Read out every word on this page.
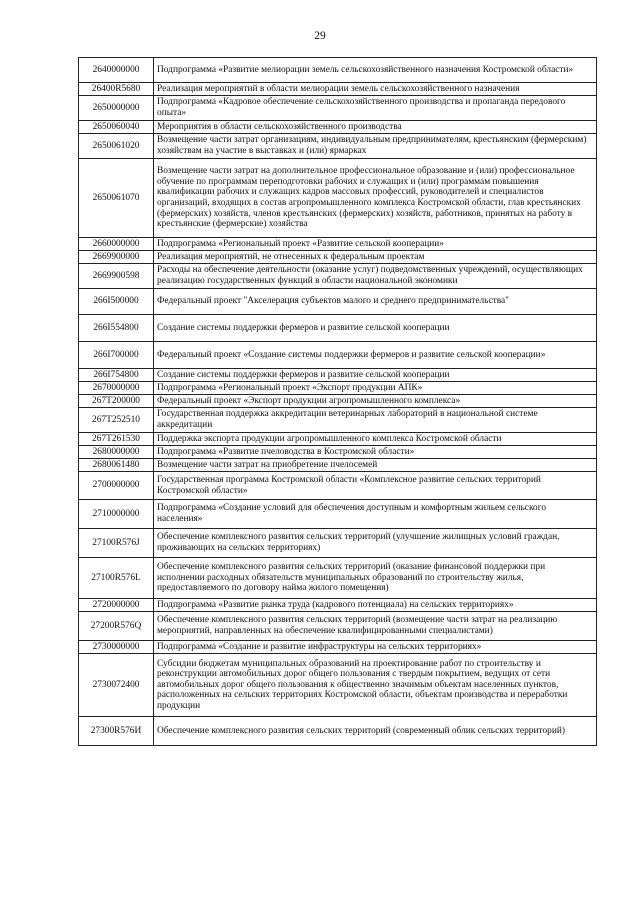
29
2640000000	Подпрограмма «Развитие мелиорации земель сельскохозяйственного назначения Костромской области»
26400R5680	Реализация мероприятий в области мелиорации земель сельскохозяйственного назначения
2650000000	Подпрограмма «Кадровое обеспечение сельскохозяйственного производства и пропаганда передового опыта»
2650060040	Мероприятия в области сельскохозяйственного производства
2650061020	Возмещение части затрат организациям, индивидуальным предпринимателям, крестьянским (фермерским) хозяйствам на участие в выставках и (или) ярмарках
2650061070	Возмещение части затрат на дополнительное профессиональное образование и (или) профессиональное обучение по программам переподготовки рабочих и служащих и (или) программам повышения квалификации рабочих и служащих кадров массовых профессий, руководителей и специалистов организаций, входящих в состав агропромышленного комплекса Костромской области, глав крестьянских (фермерских) хозяйств, членов крестьянских (фермерских) хозяйств, работников, принятых на работу в крестьянские (фермерские) хозяйства
2660000000	Подпрограмма «Региональный проект «Развитие сельской кооперации»
2669900000	Реализация мероприятий, не отнесенных к федеральным проектам
2669900598	Расходы на обеспечение деятельности (оказание услуг) подведомственных учреждений, осуществляющих реализацию государственных функций в области национальной экономики
266I500000	Федеральный проект "Акселерация субъектов малого и среднего предпринимательства"
266I554800	Создание системы поддержки фермеров и развитие сельской кооперации
266I700000	Федеральный проект «Создание системы поддержки фермеров и развитие сельской кооперации»
266I754800	Создание системы поддержки фермеров и развитие сельской кооперации
2670000000	Подпрограмма «Региональный проект «Экспорт продукции АПК»
267T200000	Федеральный проект «Экспорт продукции агропромышленного комплекса»
267T252510	Государственная поддержка аккредитации ветеринарных лабораторий в национальной системе аккредитации
267T261530	Поддержка экспорта продукции агропромышленного комплекса Костромской области
2680000000	Подпрограмма «Развитие пчеловодства в Костромской области»
2680061480	Возмещение части затрат на приобретение пчелосемей
2700000000	Государственная программа Костромской области «Комплексное развитие сельских территорий Костромской области»
2710000000	Подпрограмма «Создание условий для обеспечения доступным и комфортным жильем сельского населения»
27100R576J	Обеспечение комплексного развития сельских территорий (улучшение жилищных условий граждан, проживающих на сельских территориях)
27100R576L	Обеспечение комплексного развития сельских территорий (оказание финансовой поддержки при исполнении расходных обязательств муниципальных образований по строительству жилья, предоставляемого по договору найма жилого помещения)
2720000000	Подпрограмма «Развитие рынка труда (кадрового потенциала) на сельских территориях»
27200R576Q	Обеспечение комплексного развития сельских территорий (возмещение части затрат на реализацию мероприятий, направленных на обеспечение квалифицированными специалистами)
2730000000	Подпрограмма «Создание и развитие инфраструктуры на сельских территориях»
2730072400	Субсидии бюджетам муниципальных образований на проектирование работ по строительству и реконструкции автомобильных дорог общего пользования с твердым покрытием, ведущих от сети автомобильных дорог общего пользования к общественно значимым объектам населенных пунктов, расположенных на сельских территориях Костромской области, объектам производства и переработки продукции
27300R576И	Обеспечение комплексного развития сельских территорий (современный облик сельских территорий)
